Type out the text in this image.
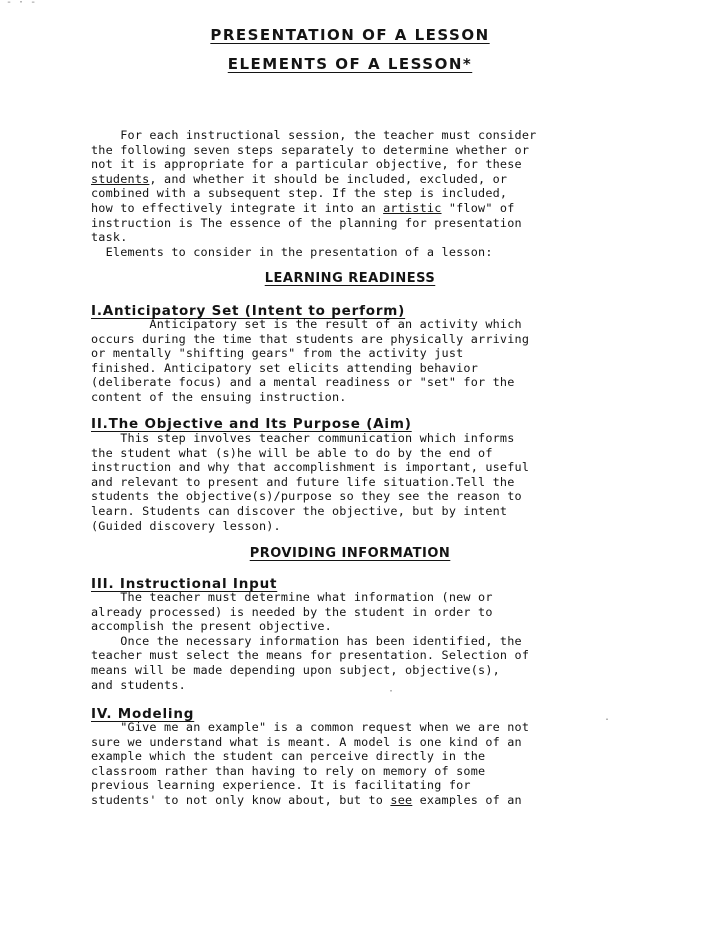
- · -
PRESENTATION OF A LESSON
ELEMENTS OF A LESSON*
For each instructional session, the teacher must consider
the following seven steps separately to determine whether or
not it is appropriate for a particular objective, for these
students, and whether it should be included, excluded, or
combined with a subsequent step. If the step is included,
how to effectively integrate it into an artistic "flow" of
instruction is The essence of the planning for presentation
task.
Elements to consider in the presentation of a lesson:
LEARNING READINESS
I.Anticipatory Set (Intent to perform)
Anticipatory set is the result of an activity which
occurs during the time that students are physically arriving
or mentally "shifting gears" from the activity just
finished. Anticipatory set elicits attending behavior
(deliberate focus) and a mental readiness or "set" for the
content of the ensuing instruction.
II.The Objective and Its Purpose (Aim)
This step involves teacher communication which informs
the student what (s)he will be able to do by the end of
instruction and why that accomplishment is important, useful
and relevant to present and future life situation.Tell the
students the objective(s)/purpose so they see the reason to
learn. Students can discover the objective, but by intent
(Guided discovery lesson).
PROVIDING INFORMATION
III. Instructional Input
The teacher must determine what information (new or
already processed) is needed by the student in order to
accomplish the present objective.
Once the necessary information has been identified, the
teacher must select the means for presentation. Selection of
means will be made depending upon subject, objective(s),
and students.	·
IV. Modeling
"Give me an example" is a common request when we are not
sure we understand what is meant. A model is one kind of an
example which the student can perceive directly in the
classroom rather than having to rely on memory of some
previous learning experience. It is facilitating for
students' to not only know about, but to see examples of an
.
